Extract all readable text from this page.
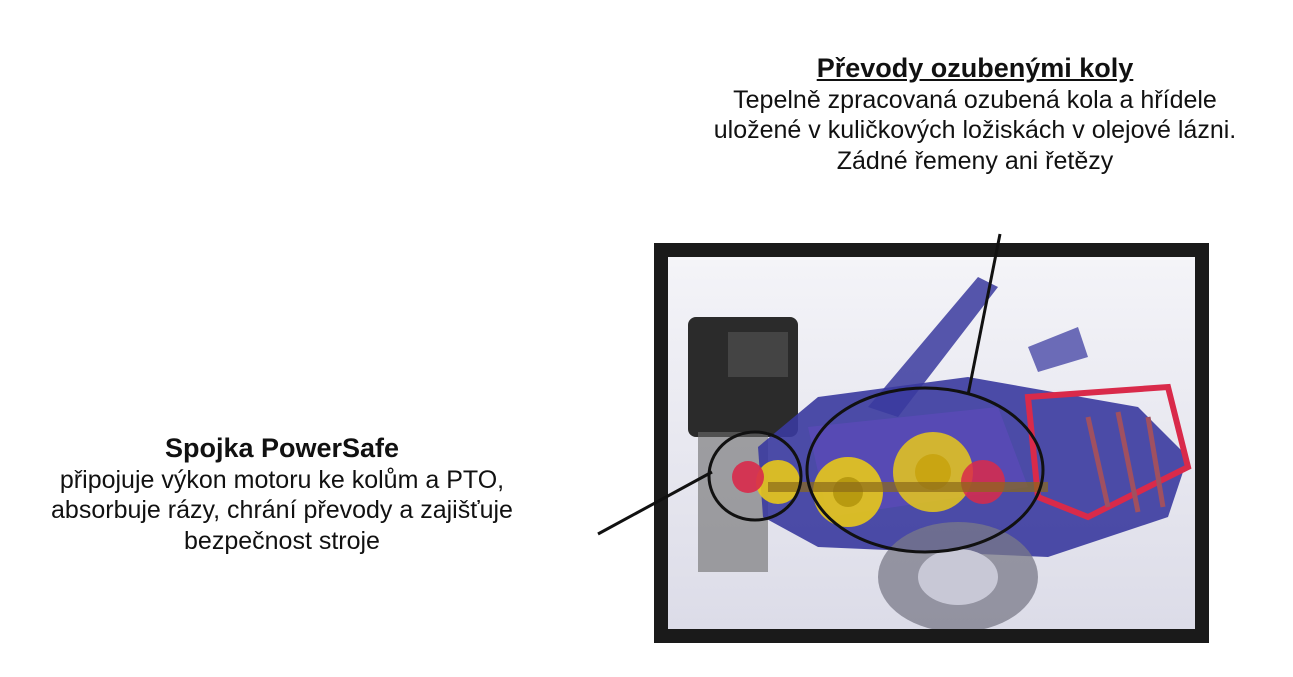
Převody ozubenými koly
Tepelně zpracovaná ozubená kola a hřídele
uložené v kuličkových ložiskách v olejové lázni.
Zádné řemeny ani řetězy
Spojka PowerSafe
připojuje výkon motoru ke kolům a PTO,
absorbuje rázy, chrání převody a zajišťuje
bezpečnost stroje
